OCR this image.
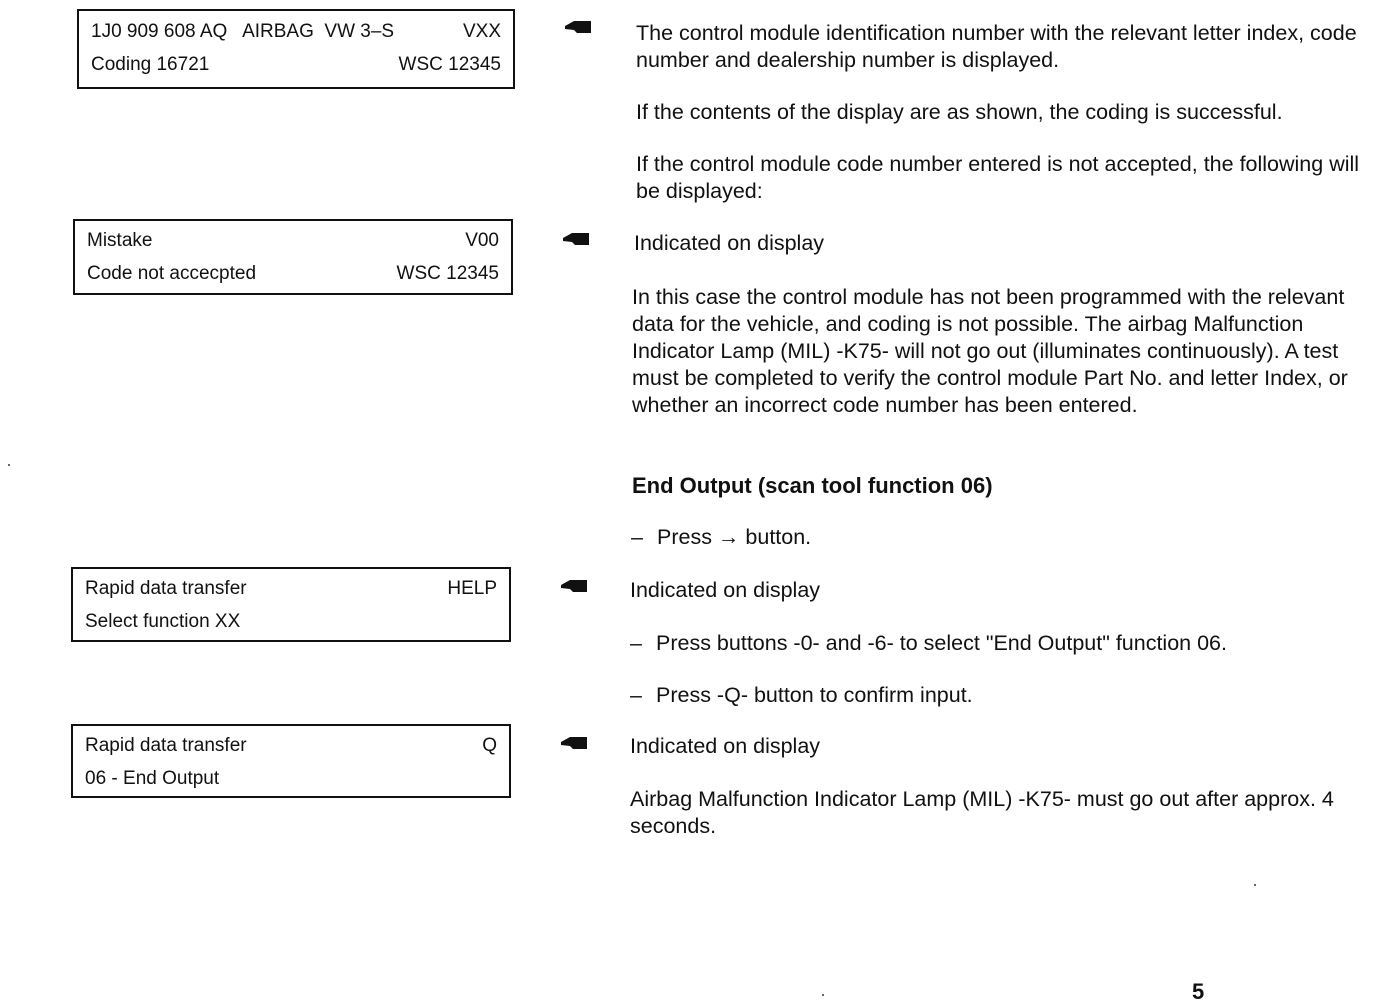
1J0 909 608 AQ   AIRBAG  VW 3–S	VXX
Coding 16721	WSC 12345
Mistake	V00
Code not accecpted	WSC 12345
Rapid data transfer	HELP
Select function XX
Rapid data transfer	Q
06 - End Output

The control module identification number with the relevant letter index, code number and dealership number is displayed.

If the contents of the display are as shown, the coding is successful.

If the control module code number entered is not accepted, the following will be displayed:

Indicated on display

In this case the control module has not been programmed with the relevant data for the vehicle, and coding is not possible. The airbag Malfunction Indicator Lamp (MIL) -K75- will not go out (illuminates continuously). A test must be completed to verify the control module Part No. and letter Index, or whether an incorrect code number has been entered.

End Output (scan tool function 06)

– Press → button.

Indicated on display

– Press buttons -0- and -6- to select "End Output" function 06.
– Press -Q- button to confirm input.

Indicated on display

Airbag Malfunction Indicator Lamp (MIL) -K75- must go out after approx. 4 seconds.

5
